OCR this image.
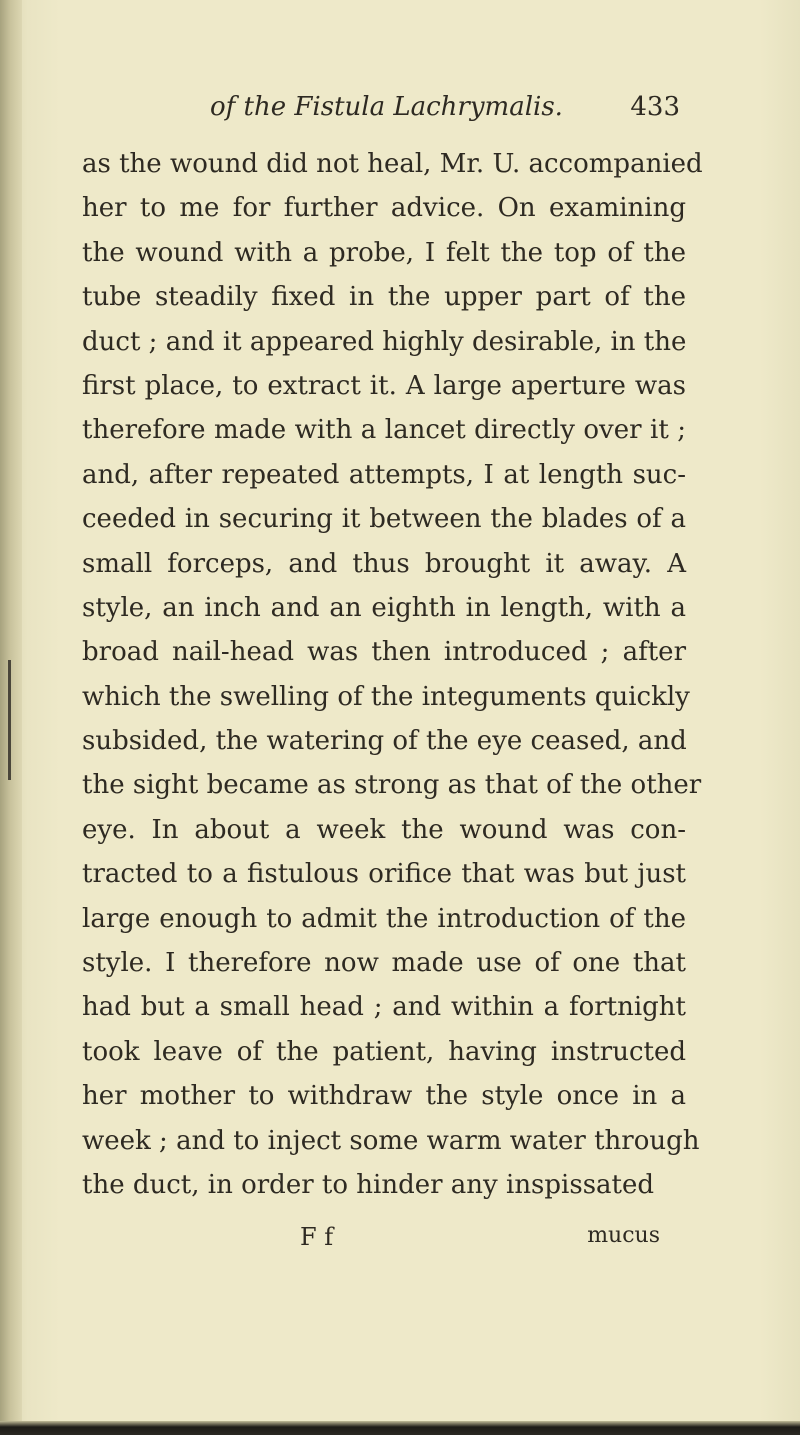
of the Fistula Lachrymalis.	433
as the wound did not heal, Mr. U. accompanied
her to me for further advice. On examining
the wound with a probe, I felt the top of the
tube steadily fixed in the upper part of the
duct ; and it appeared highly desirable, in the
first place, to extract it. A large aperture was
therefore made with a lancet directly over it ;
and, after repeated attempts, I at length suc-
ceeded in securing it between the blades of a
small forceps, and thus brought it away. A
style, an inch and an eighth in length, with a
broad nail-head was then introduced ; after
which the swelling of the integuments quickly
subsided, the watering of the eye ceased, and
the sight became as strong as that of the other
eye. In about a week the wound was con-
tracted to a fistulous orifice that was but just
large enough to admit the introduction of the
style. I therefore now made use of one that
had but a small head ; and within a fortnight
took leave of the patient, having instructed
her mother to withdraw the style once in a
week ; and to inject some warm water through
the duct, in order to hinder any inspissated
F f	mucus
